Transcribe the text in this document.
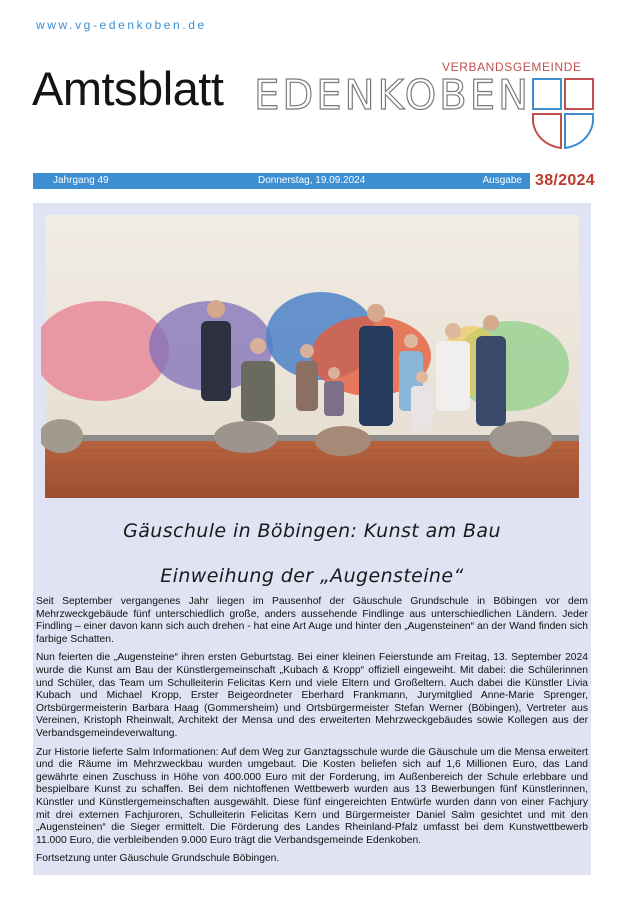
www.vg-edenkoben.de
Amtsblatt	VERBANDSGEMEINDE
EDENKOBEN
Jahrgang 49	Donnerstag, 19.09.2024	Ausgabe 38/2024
Gäuschule in Böbingen: Kunst am Bau
Einweihung der „Augensteine“

Seit September vergangenes Jahr liegen im Pausenhof der Gäuschule Grundschule in Böbingen vor dem Mehrzweckgebäude fünf unterschiedlich große, anders aussehende Findlinge aus unterschiedlichen Ländern. Jeder Findling – einer davon kann sich auch drehen - hat eine Art Auge und hinter den „Augensteinen“ an der Wand finden sich farbige Schatten.

Nun feierten die „Augensteine“ ihren ersten Geburtstag. Bei einer kleinen Feierstunde am Freitag, 13. September 2024 wurde die Kunst am Bau der Künstlergemeinschaft „Kubach & Kropp“ offiziell eingeweiht. Mit dabei: die Schülerinnen und Schüler, das Team um Schulleiterin Felicitas Kern und viele Eltern und Großeltern. Auch dabei die Künstler Livia Kubach und Michael Kropp, Erster Beigeordneter Eberhard Frankmann, Jurymitglied Anne-Marie Sprenger, Ortsbürgermeisterin Barbara Haag (Gommersheim) und Ortsbürgermeister Stefan Werner (Böbingen), Vertreter aus Vereinen, Kristoph Rheinwalt, Architekt der Mensa und des erweiterten Mehrzweckgebäudes sowie Kollegen aus der Verbandsgemeindeverwaltung.

Zur Historie lieferte Salm Informationen: Auf dem Weg zur Ganztagsschule wurde die Gäuschule um die Mensa erweitert und die Räume im Mehrzweckbau wurden umgebaut. Die Kosten beliefen sich auf 1,6 Millionen Euro, das Land gewährte einen Zuschuss in Höhe von 400.000 Euro mit der Forderung, im Außenbereich der Schule erlebbare und bespielbare Kunst zu schaffen. Bei dem nichtoffenen Wettbewerb wurden aus 13 Bewerbungen fünf Künstlerinnen, Künstler und Künstlergemeinschaften ausgewählt. Diese fünf eingereichten Entwürfe wurden dann von einer Fachjury mit drei externen Fachjuroren, Schulleiterin Felicitas Kern und Bürgermeister Daniel Salm gesichtet und mit den „Augensteinen“ die Sieger ermittelt. Die Förderung des Landes Rheinland-Pfalz umfasst bei dem Kunstwettbewerb 11.000 Euro, die verbleibenden 9.000 Euro trägt die Verbandsgemeinde Edenkoben.

Fortsetzung unter Gäuschule Grundschule Böbingen.
